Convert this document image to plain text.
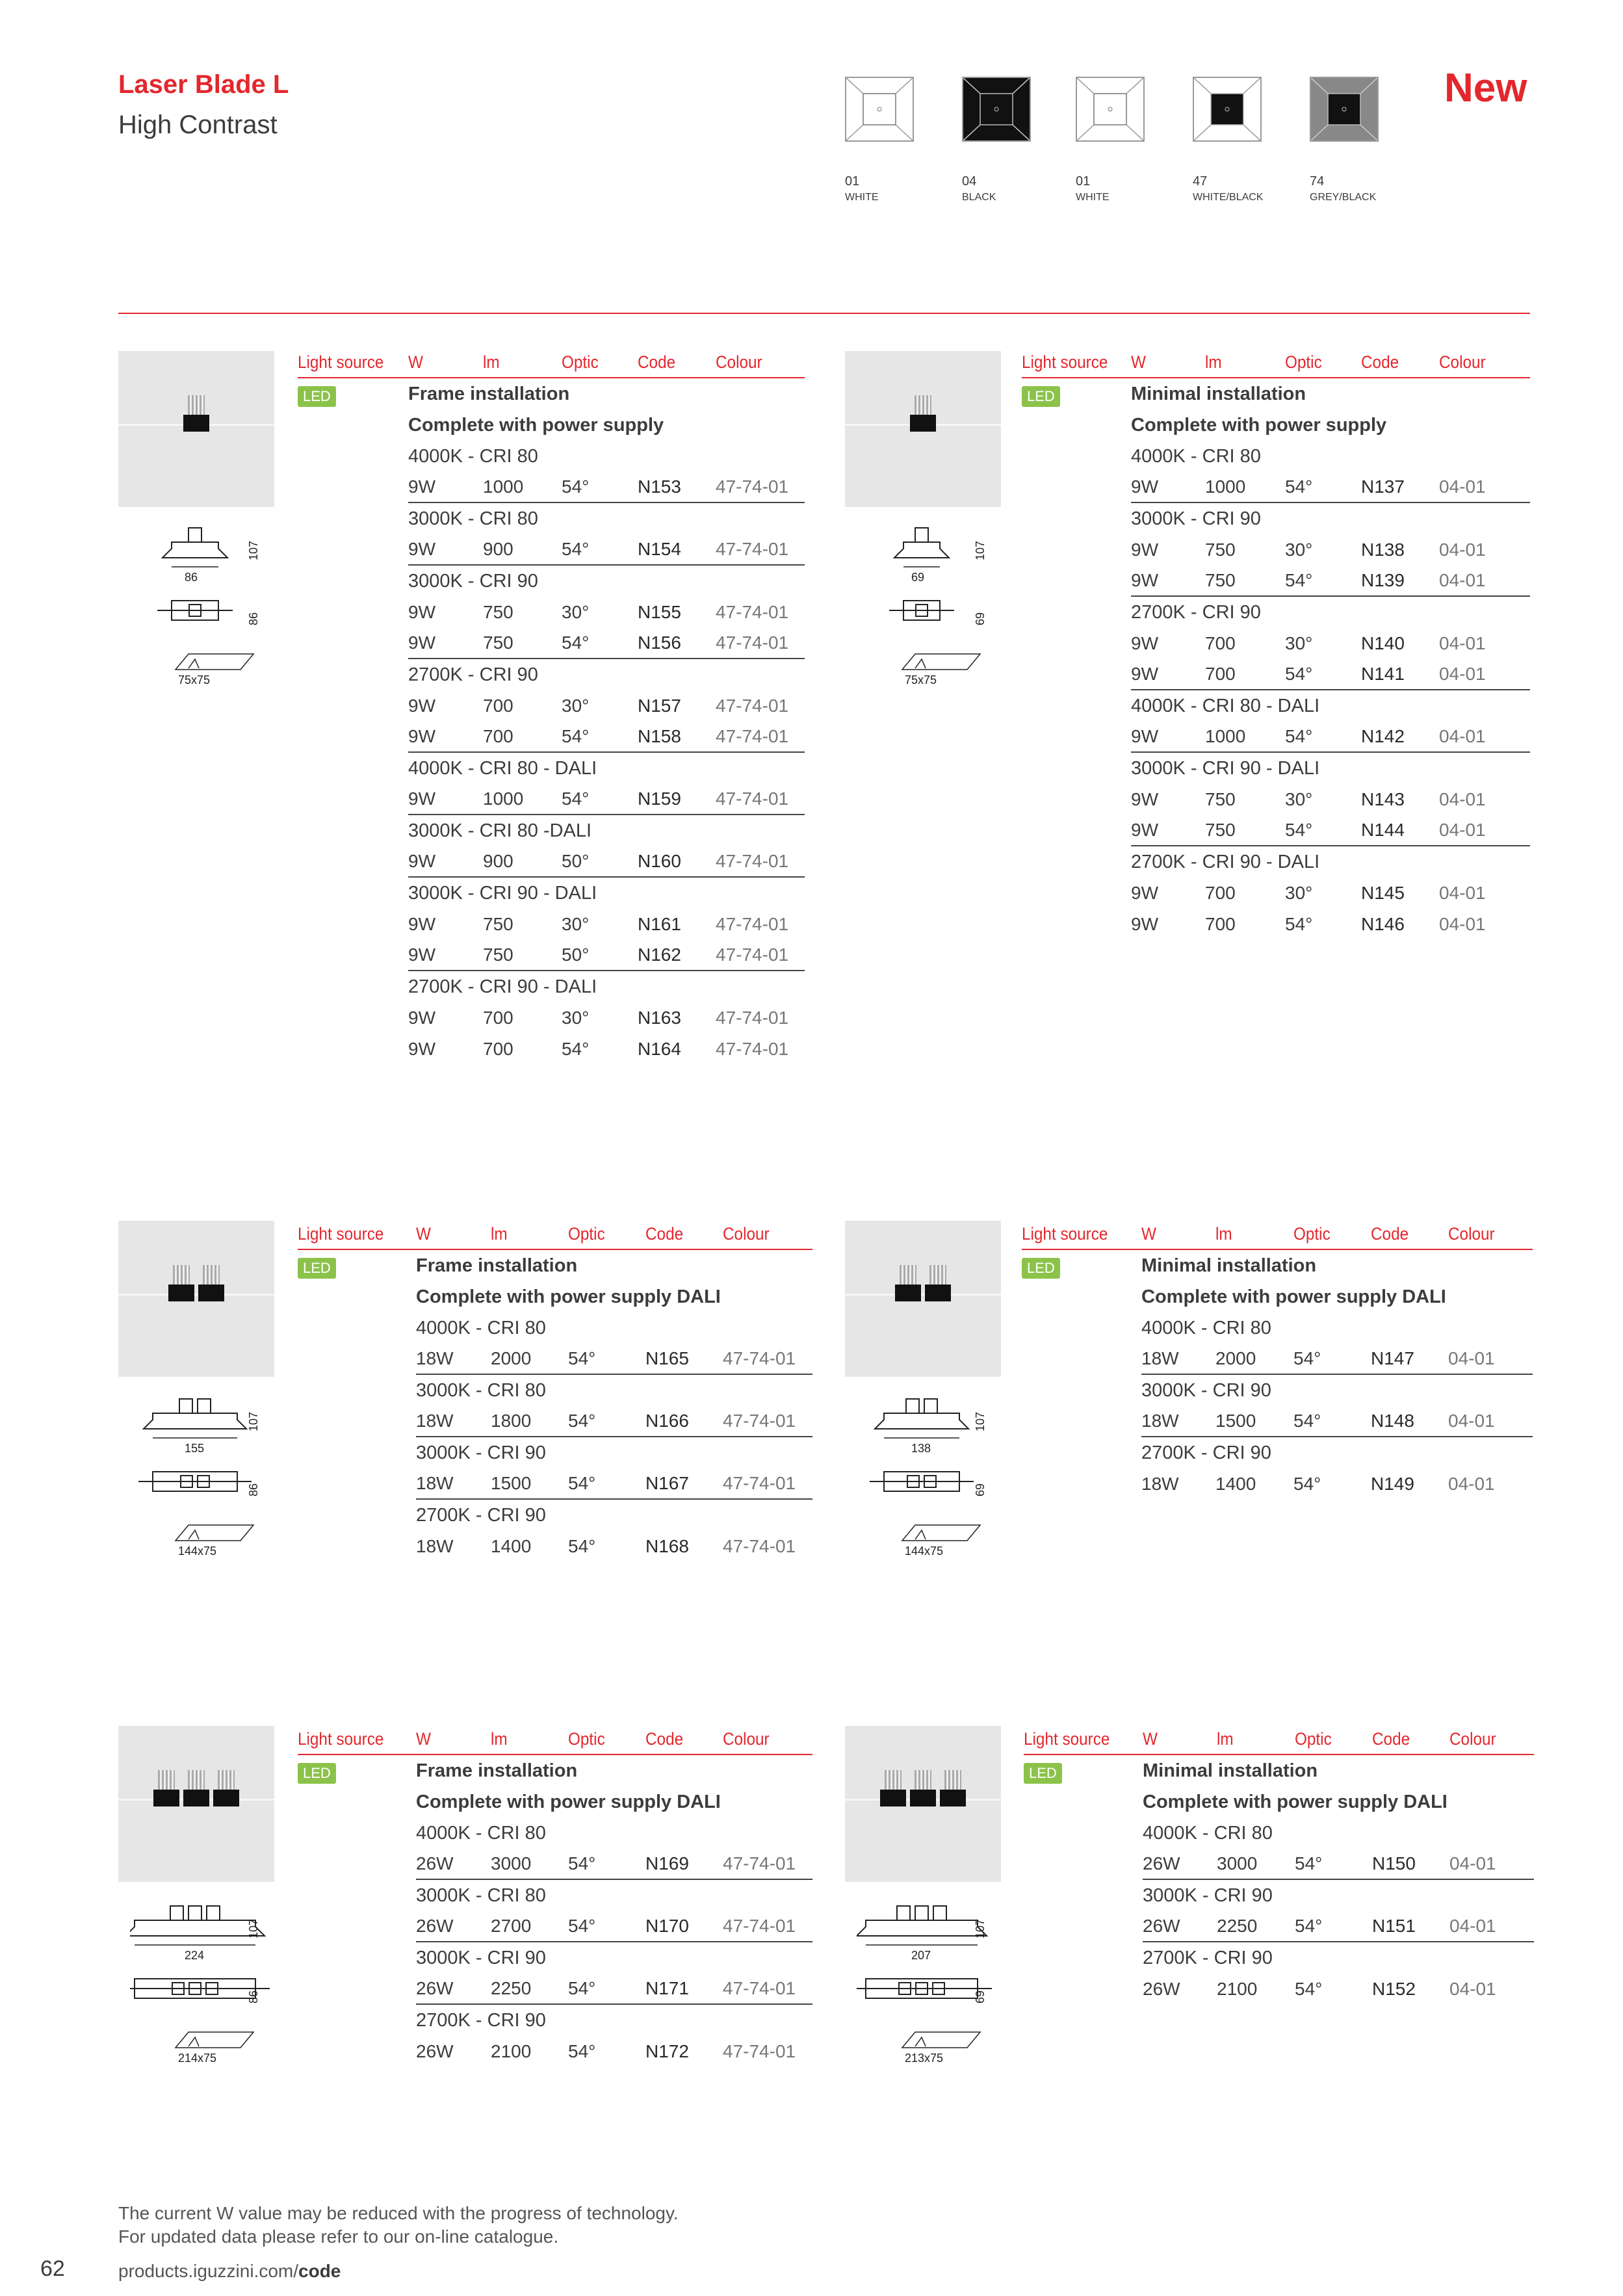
Laser Blade L
High Contrast
New
01
WHITE
04
BLACK
01
WHITE
47
WHITE/BLACK
74
GREY/BLACK
107
86
86
75x75
Light source W	lm	Optic Code Colour
LED	Frame installation
Complete with power supply
4000K - CRI 80
9W	1000 54°	N153 47-74-01
3000K - CRI 80
9W	900	54°	N154 47-74-01
3000K - CRI 90
9W	750	30°	N155 47-74-01
9W	750	54°	N156 47-74-01
2700K - CRI 90
9W	700	30°	N157 47-74-01
9W	700	54°	N158 47-74-01
4000K - CRI 80 - DALI
9W	1000 54°	N159 47-74-01
3000K - CRI 80 -DALI
9W	900	50°	N160 47-74-01
3000K - CRI 90 - DALI
9W	750	30°	N161 47-74-01
9W	750	50°	N162 47-74-01
2700K - CRI 90 - DALI
9W	700	30°	N163 47-74-01
9W	700	54°	N164 47-74-01
107
69
69
75x75
Light source W	lm	Optic Code Colour
LED	Minimal installation
Complete with power supply
4000K - CRI 80
9W	1000 54°	N137 04-01
3000K - CRI 90
9W	750	30°	N138 04-01
9W	750	54°	N139 04-01
2700K - CRI 90
9W	700	30°	N140 04-01
9W	700	54°	N141 04-01
4000K - CRI 80 - DALI
9W	1000 54°	N142 04-01
3000K - CRI 90 - DALI
9W	750	30°	N143 04-01
9W	750	54°	N144 04-01
2700K - CRI 90 - DALI
9W	700	30°	N145 04-01
9W	700	54°	N146 04-01
107
155
86
144x75
Light source W	lm	Optic Code Colour
LED	Frame installation
Complete with power supply DALI
4000K - CRI 80
18W 2000 54°	N165 47-74-01
3000K - CRI 80
18W 1800 54°	N166 47-74-01
3000K - CRI 90
18W 1500 54°	N167 47-74-01
2700K - CRI 90
18W 1400 54°	N168 47-74-01
107
138
69
144x75
Light source W	lm	Optic Code Colour
LED	Minimal installation
Complete with power supply DALI
4000K - CRI 80
18W 2000 54°	N147 04-01
3000K - CRI 90
18W 1500 54°	N148 04-01
2700K - CRI 90
18W 1400 54°	N149 04-01
107
224
86
214x75
Light source W	lm	Optic Code Colour
LED	Frame installation
Complete with power supply DALI
4000K - CRI 80
26W 3000 54°	N169 47-74-01
3000K - CRI 80
26W 2700 54°	N170 47-74-01
3000K - CRI 90
26W 2250 54°	N171 47-74-01
2700K - CRI 90
26W 2100 54°	N172 47-74-01
107
207
69
213x75
Light source W	lm	Optic Code Colour
LED	Minimal installation
Complete with power supply DALI
4000K - CRI 80
26W 3000 54°	N150 04-01
3000K - CRI 90
26W 2250 54°	N151 04-01
2700K - CRI 90
26W 2100 54°	N152 04-01
The current W value may be reduced with the progress of technology.
For updated data please refer to our on-line catalogue.
62	products.iguzzini.com/code
